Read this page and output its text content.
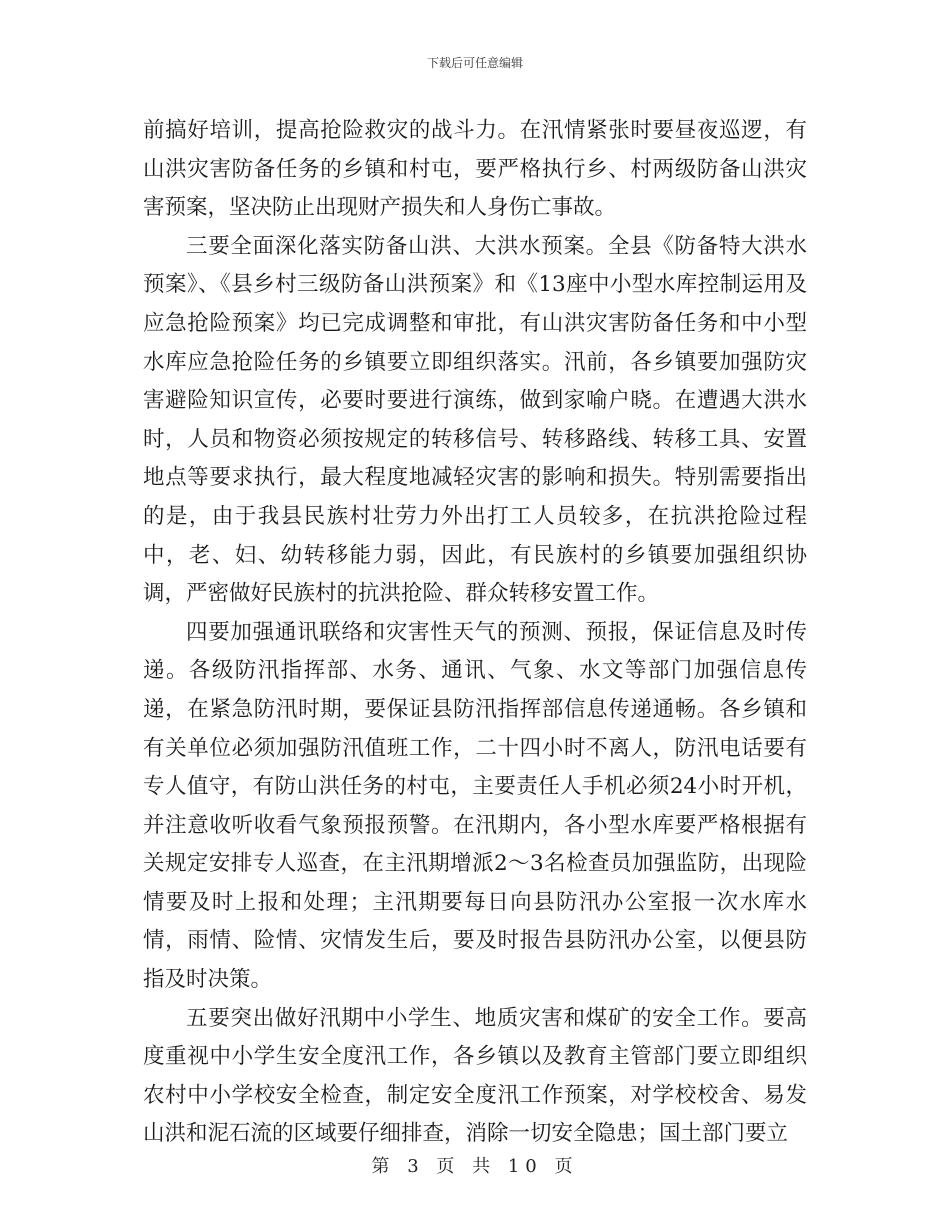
下载后可任意编辑

前搞好培训，提高抢险救灾的战斗力。在汛情紧张时要昼夜巡逻，有山洪灾害防备任务的乡镇和村屯，要严格执行乡、村两级防备山洪灾害预案，坚决防止出现财产损失和人身伤亡事故。

三要全面深化落实防备山洪、大洪水预案。全县《防备特大洪水预案》、《县乡村三级防备山洪预案》和《13座中小型水库控制运用及应急抢险预案》均已完成调整和审批，有山洪灾害防备任务和中小型水库应急抢险任务的乡镇要立即组织落实。汛前，各乡镇要加强防灾害避险知识宣传，必要时要进行演练，做到家喻户晓。在遭遇大洪水时，人员和物资必须按规定的转移信号、转移路线、转移工具、安置地点等要求执行，最大程度地减轻灾害的影响和损失。特别需要指出的是，由于我县民族村壮劳力外出打工人员较多，在抗洪抢险过程中，老、妇、幼转移能力弱，因此，有民族村的乡镇要加强组织协调，严密做好民族村的抗洪抢险、群众转移安置工作。

四要加强通讯联络和灾害性天气的预测、预报，保证信息及时传递。各级防汛指挥部、水务、通讯、气象、水文等部门加强信息传递，在紧急防汛时期，要保证县防汛指挥部信息传递通畅。各乡镇和有关单位必须加强防汛值班工作，二十四小时不离人，防汛电话要有专人值守，有防山洪任务的村屯，主要责任人手机必须24小时开机，并注意收听收看气象预报预警。在汛期内，各小型水库要严格根据有关规定安排专人巡查，在主汛期增派2～3名检查员加强监防，出现险情要及时上报和处理；主汛期要每日向县防汛办公室报一次水库水情，雨情、险情、灾情发生后，要及时报告县防汛办公室，以便县防指及时决策。

五要突出做好汛期中小学生、地质灾害和煤矿的安全工作。要高度重视中小学生安全度汛工作，各乡镇以及教育主管部门要立即组织农村中小学校安全检查，制定安全度汛工作预案，对学校校舍、易发山洪和泥石流的区域要仔细排查，消除一切安全隐患；国土部门要立

第 3 页 共 10 页
